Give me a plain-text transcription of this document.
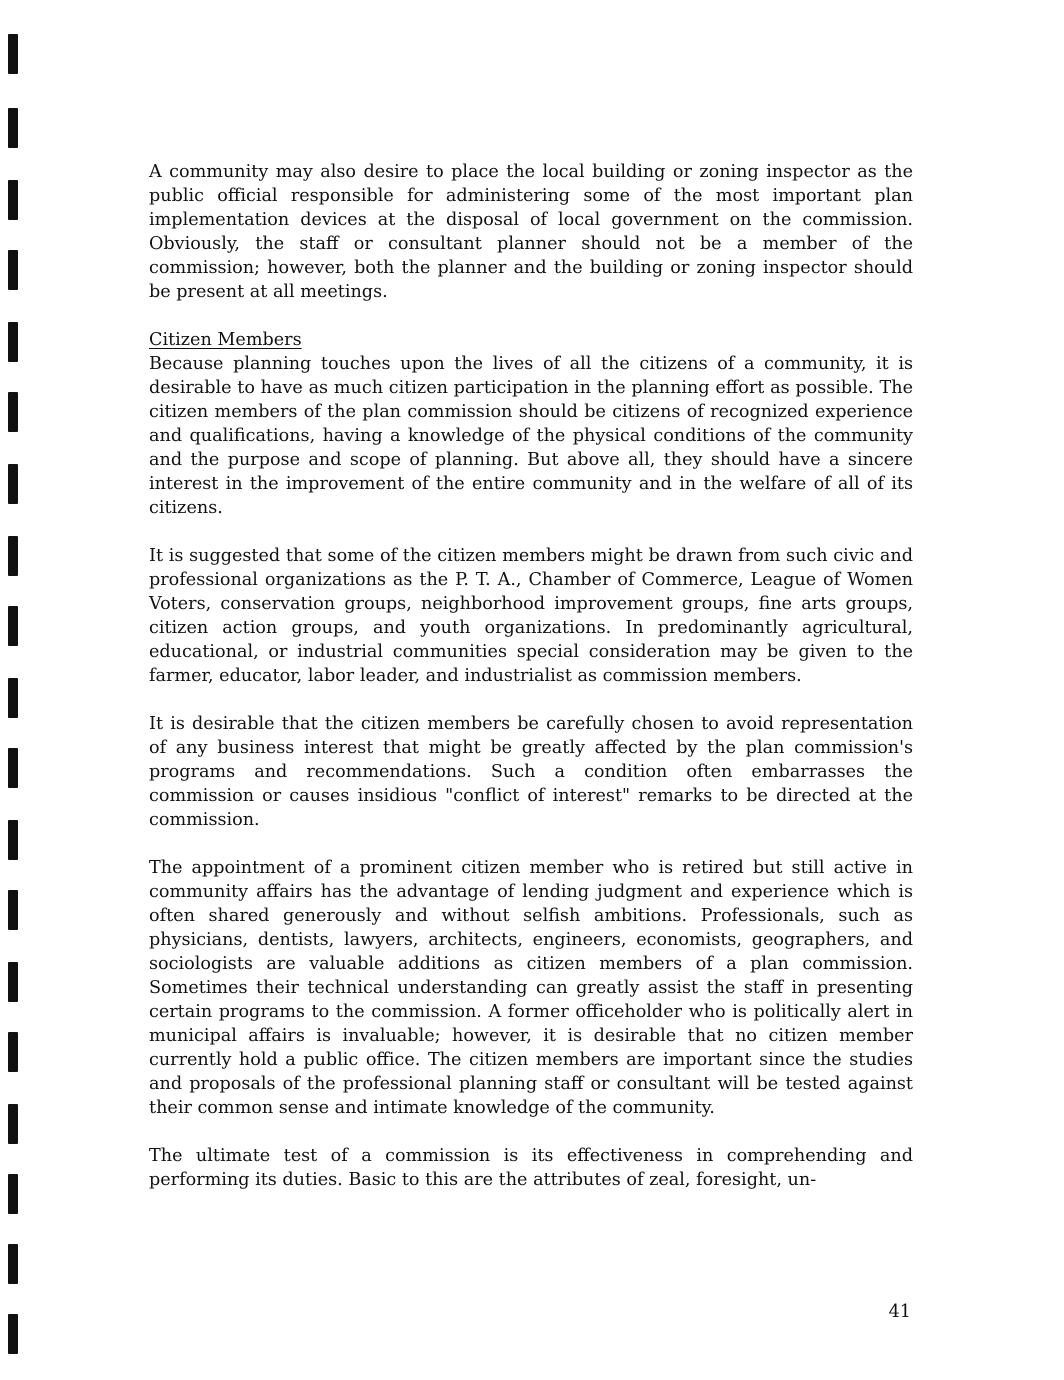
A community may also desire to place the local building or zoning inspector as the public official responsible for administering some of the most important plan implementation devices at the disposal of local government on the commission. Obviously, the staff or consultant planner should not be a member of the commission; however, both the planner and the building or zoning inspector should be present at all meetings.

Citizen Members

Because planning touches upon the lives of all the citizens of a community, it is desirable to have as much citizen participation in the planning effort as possible. The citizen members of the plan commission should be citizens of recognized experience and qualifications, having a knowledge of the physical conditions of the community and the purpose and scope of planning. But above all, they should have a sincere interest in the improvement of the entire community and in the welfare of all of its citizens.

It is suggested that some of the citizen members might be drawn from such civic and professional organizations as the P. T. A., Chamber of Commerce, League of Women Voters, conservation groups, neighborhood improvement groups, fine arts groups, citizen action groups, and youth organizations. In predominantly agricultural, educational, or industrial communities special consideration may be given to the farmer, educator, labor leader, and industrialist as commission members.

It is desirable that the citizen members be carefully chosen to avoid representation of any business interest that might be greatly affected by the plan commission's programs and recommendations. Such a condition often embarrasses the commission or causes insidious "conflict of interest" remarks to be directed at the commission.

The appointment of a prominent citizen member who is retired but still active in community affairs has the advantage of lending judgment and experience which is often shared generously and without selfish ambitions. Professionals, such as physicians, dentists, lawyers, architects, engineers, economists, geographers, and sociologists are valuable additions as citizen members of a plan commission. Sometimes their technical understanding can greatly assist the staff in presenting certain programs to the commission. A former officeholder who is politically alert in municipal affairs is invaluable; however, it is desirable that no citizen member currently hold a public office. The citizen members are important since the studies and proposals of the professional planning staff or consultant will be tested against their common sense and intimate knowledge of the community.

The ultimate test of a commission is its effectiveness in comprehending and performing its duties. Basic to this are the attributes of zeal, foresight, un-

41
